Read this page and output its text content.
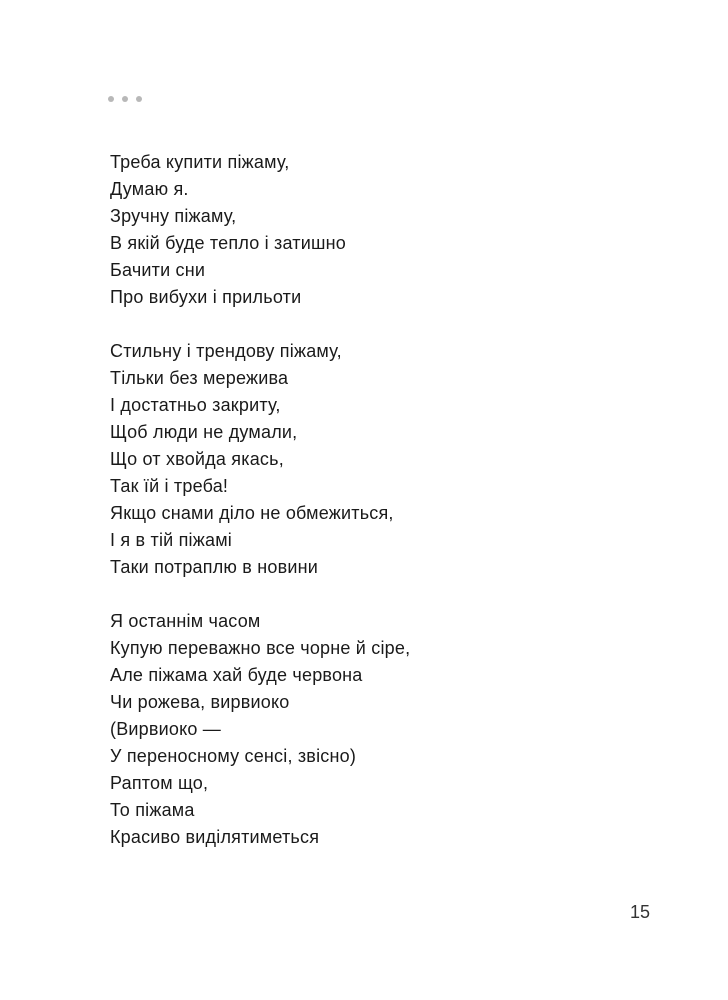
Треба купити піжаму,
Думаю я.
Зручну піжаму,
В якій буде тепло і затишно
Бачити сни
Про вибухи і прильоти
Стильну і трендову піжаму,
Тільки без мережива
І достатньо закриту,
Щоб люди не думали,
Що от хвойда якась,
Так їй і треба!
Якщо снами діло не обмежиться,
І я в тій піжамі
Таки потраплю в новини
Я останнім часом
Купую переважно все чорне й сіре,
Але піжама хай буде червона
Чи рожева, вирвиоко
(Вирвиоко —
У переносному сенсі, звісно)
Раптом що,
То піжама
Красиво виділятиметься
15
